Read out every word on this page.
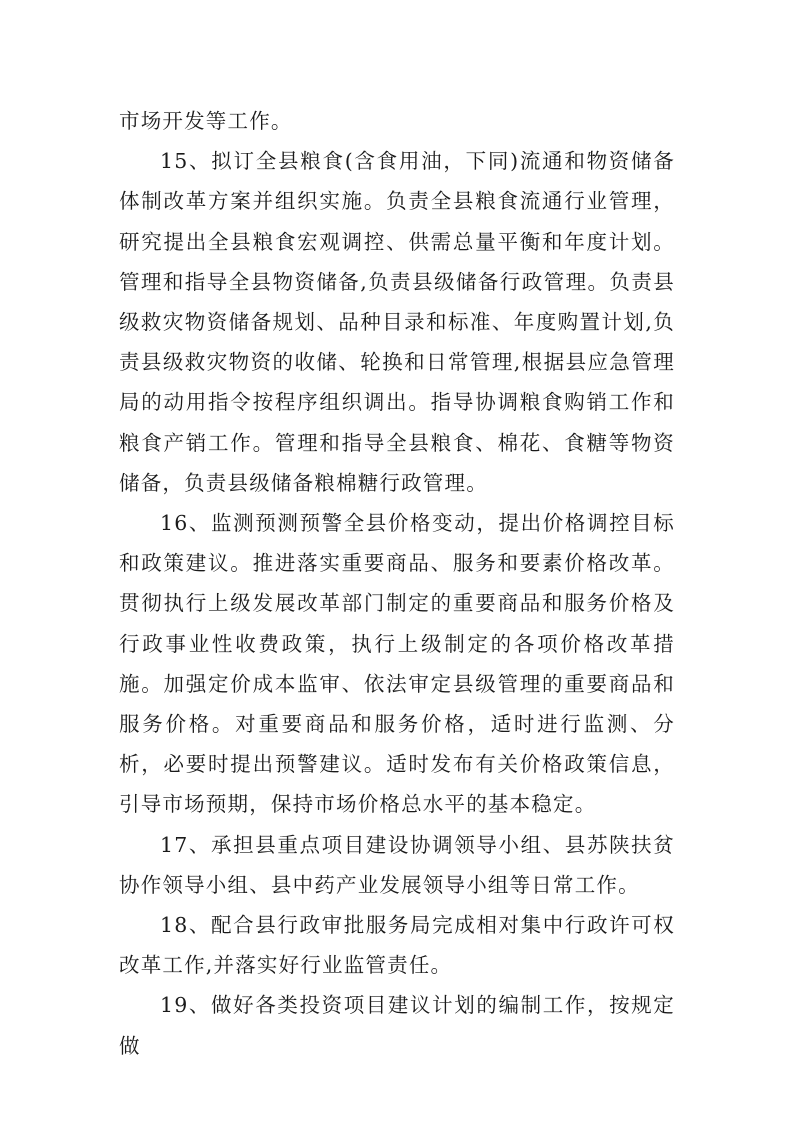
市场开发等工作。

15、拟订全县粮食(含食用油，下同)流通和物资储备体制改革方案并组织实施。负责全县粮食流通行业管理，研究提出全县粮食宏观调控、供需总量平衡和年度计划。管理和指导全县物资储备,负责县级储备行政管理。负责县级救灾物资储备规划、品种目录和标准、年度购置计划,负责县级救灾物资的收储、轮换和日常管理,根据县应急管理局的动用指令按程序组织调出。指导协调粮食购销工作和粮食产销工作。管理和指导全县粮食、棉花、食糖等物资储备，负责县级储备粮棉糖行政管理。

16、监测预测预警全县价格变动，提出价格调控目标和政策建议。推进落实重要商品、服务和要素价格改革。贯彻执行上级发展改革部门制定的重要商品和服务价格及行政事业性收费政策，执行上级制定的各项价格改革措施。加强定价成本监审、依法审定县级管理的重要商品和服务价格。对重要商品和服务价格，适时进行监测、分析，必要时提出预警建议。适时发布有关价格政策信息，引导市场预期，保持市场价格总水平的基本稳定。

17、承担县重点项目建设协调领导小组、县苏陕扶贫协作领导小组、县中药产业发展领导小组等日常工作。

18、配合县行政审批服务局完成相对集中行政许可权改革工作,并落实好行业监管责任。

19、做好各类投资项目建议计划的编制工作，按规定做
